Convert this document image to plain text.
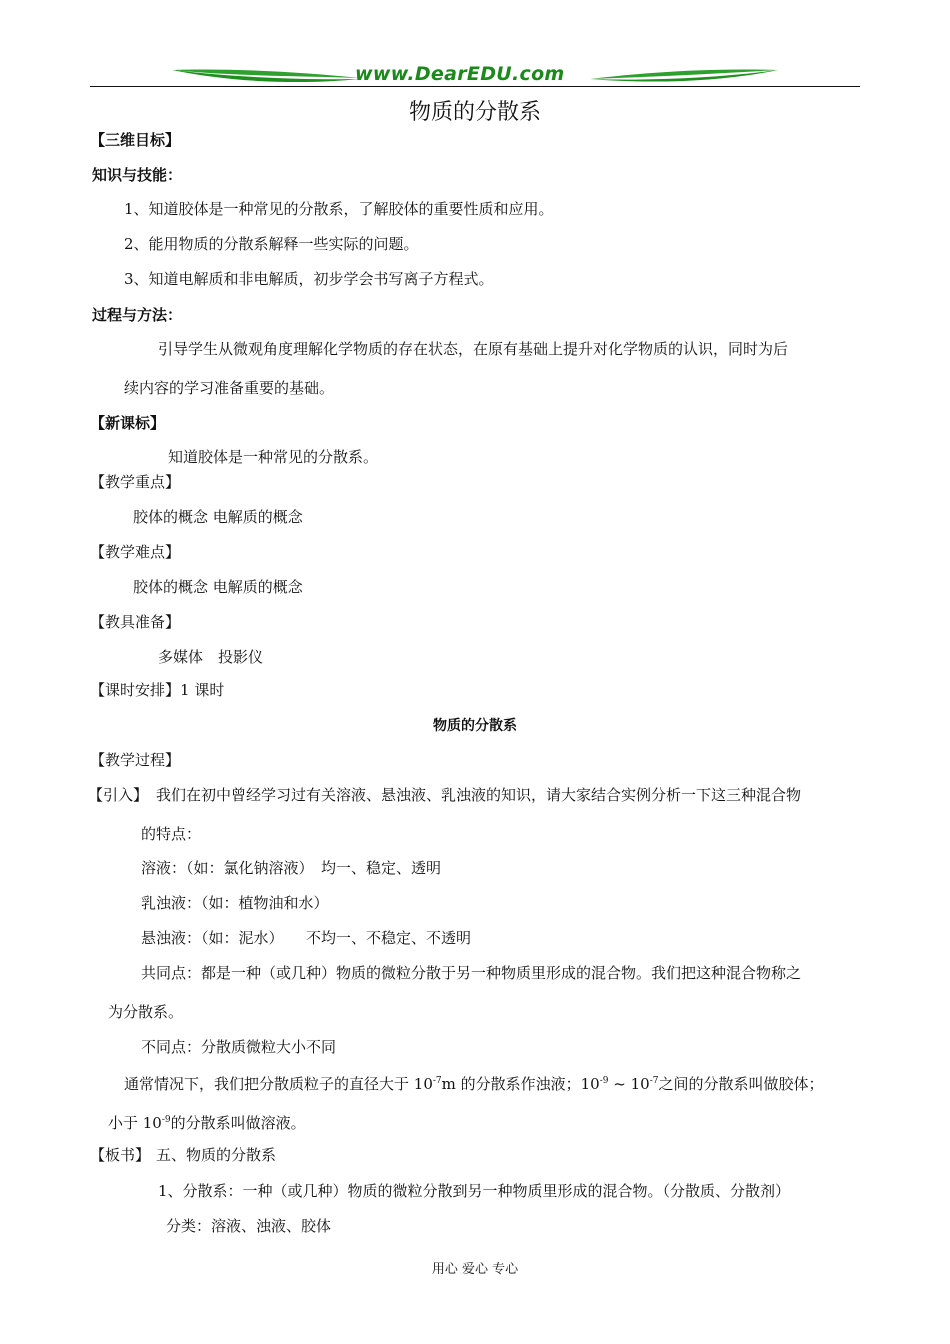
www.DearEDU.com
物质的分散系
【三维目标】
知识与技能：
1、知道胶体是一种常见的分散系，了解胶体的重要性质和应用。
2、能用物质的分散系解释一些实际的问题。
3、知道电解质和非电解质，初步学会书写离子方程式。
过程与方法：
引导学生从微观角度理解化学物质的存在状态，在原有基础上提升对化学物质的认识，同时为后
续内容的学习准备重要的基础。
【新课标】
知道胶体是一种常见的分散系。
【教学重点】
胶体的概念 电解质的概念
【教学难点】
胶体的概念 电解质的概念
【教具准备】
多媒体　投影仪
【课时安排】1 课时
物质的分散系
【教学过程】
【引入】 我们在初中曾经学习过有关溶液、悬浊液、乳浊液的知识，请大家结合实例分析一下这三种混合物
的特点：
溶液：（如：氯化钠溶液）　均一、稳定、透明
乳浊液：（如：植物油和水）
悬浊液：（如：泥水）　　不均一、不稳定、不透明
共同点：都是一种（或几种）物质的微粒分散于另一种物质里形成的混合物。我们把这种混合物称之
为分散系。
不同点：分散质微粒大小不同
通常情况下，我们把分散质粒子的直径大于 $10^{-7}m$ 的分散系作浊液；$10^{-9}$ ~ $10^{-7}$之间的分散系叫做胶体；
小于 $10^{-9}$的分散系叫做溶液。
【板书】 五、物质的分散系
1、分散系：一种（或几种）物质的微粒分散到另一种物质里形成的混合物。（分散质、分散剂）
分类：溶液、浊液、胶体
用心 爱心 专心
